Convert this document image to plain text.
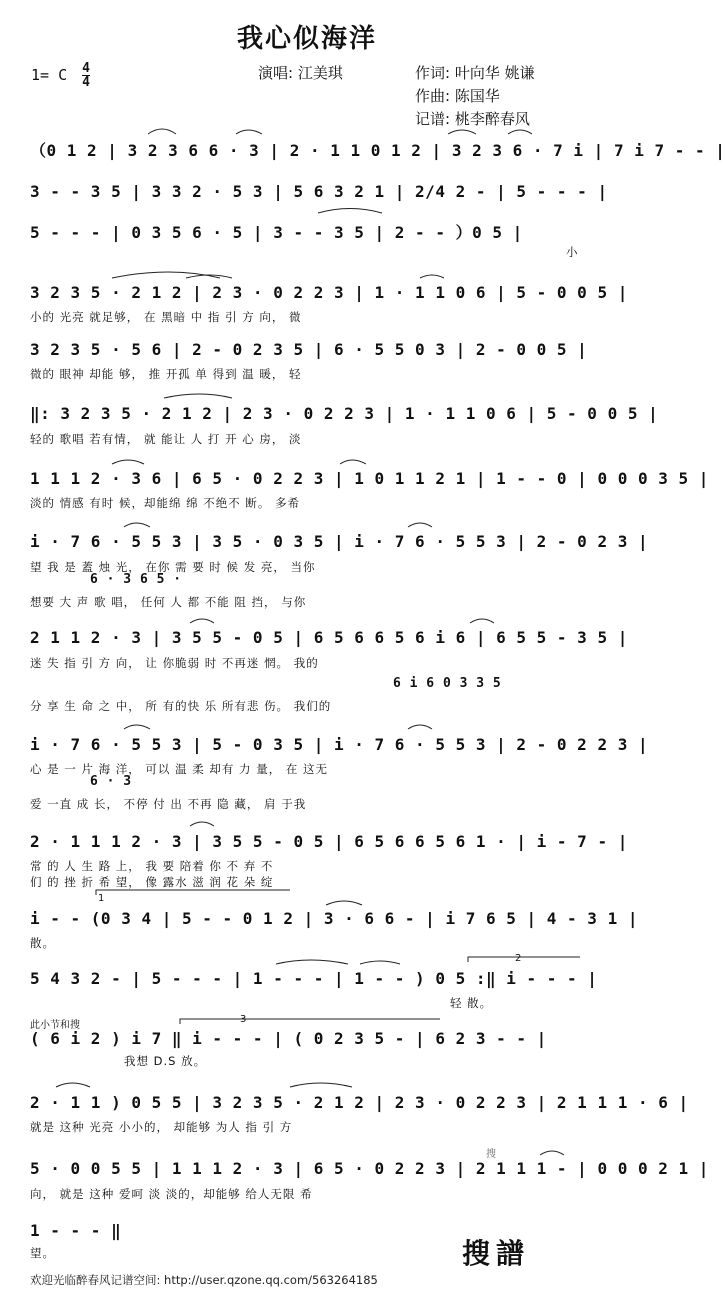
我心似海洋
1= C $\frac{4}{4}$	演唱: 江美琪	作词: 叶向华 姚谦
作曲: 陈国华
记谱: 桃李醉春风
（0 1 2 | 3 2 3 6 6 · 3 | 2 · 1 1 0 1 2 | 3 2 3 6 · 7 i | 7 i 7 - - |
3 - - 3 5 | 3 3 2 · 5 3 | 5 6 3 2 1 | 2/4 2 - | 5 - - - |
5 - - - | 0 3 5 6 · 5 | 3 - - 3 5 | 2 - - ）0 5 |
小
3 2 3 5 · 2 1 2 | 2 3 · 0 2 2 3 | 1 · 1 1 0 6 | 5 - 0 0 5 |
小的 光亮 就足够， 在 黑暗 中 指 引 方 向， 微
3 2 3 5 · 5 6 | 2 - 0 2 3 5 | 6 · 5 5 0 3 | 2 - 0 0 5 |
微的 眼神 却能 够， 推 开孤 单 得到 温 暖， 轻
‖: 3 2 3 5 · 2 1 2 | 2 3 · 0 2 2 3 | 1 · 1 1 0 6 | 5 - 0 0 5 |
轻的 歌唱 若有情， 就 能让 人 打 开 心 房， 淡
1 1 1 2 · 3 6 | 6 5 · 0 2 2 3 | 1 0 1 1 2 1 | 1 - - 0 | 0 0 0 3 5 |
淡的 情感 有时 候，却能绵 绵 不绝不 断。 多希
i · 7 6 · 5 5 3 | 3 5 · 0 3 5 | i · 7 6 · 5 5 3 | 2 - 0 2 3 |
望 我 是 蓋 烛 光， 在你 需 要 时 候 发 亮， 当你
6 · 3 6 5 ·
想要 大 声 歌 唱， 任何 人 都 不能 阻 挡， 与你
2 1 1 2 · 3 | 3 5 5 - 0 5 | 6 5 6 6 5 6 i 6 | 6 5 5 - 3 5 |
迷 失 指 引 方 向， 让 你脆弱 时 不再迷 惘。 我的
6 i 6 0 3 3 5
分 享 生 命 之 中， 所 有的快 乐 所有悲 伤。 我们的
i · 7 6 · 5 5 3 | 5 - 0 3 5 | i · 7 6 · 5 5 3 | 2 - 0 2 2 3 |
心 是 一 片 海 洋， 可以 温 柔 却有 力 量， 在 这无
6 · 3
爱 一直 成 长， 不停 付 出 不再 隐 藏， 肩 于我
2 · 1 1 1 2 · 3 | 3 5 5 - 0 5 | 6 5 6 6 5 6 1 · | i - 7 - |
常 的 人 生 路 上， 我 要 陪着 你 不 弃 不
们 的 挫 折 希 望， 像 露水 滋 润 花 朵 绽
1
i - - (0 3 4 | 5 - - 0 1 2 | 3 · 6 6 - | i 7 6 5 | 4 - 3 1 |
散。
2
5 4 3 2 - | 5 - - - | 1 - - - | 1 - - ) 0 5 :‖ i - - - |
轻 散。
此小节和搜
3
( 6 i 2 ) i 7 ‖ i - - - | ( 0 2 3 5 - | 6 2 3 - - |
我想 D.S 放。
2 · 1 1 ) 0 5 5 | 3 2 3 5 · 2 1 2 | 2 3 · 0 2 2 3 | 2 1 1 1 · 6 |
就是 这种 光亮 小小的， 却能够 为人 指 引 方
搜
5 · 0 0 5 5 | 1 1 1 2 · 3 | 6 5 · 0 2 2 3 | 2 1 1 1 - | 0 0 0 2 1 |
向， 就是 这种 爱呵 淡 淡的，却能够 给人无限 希
1 - - - ‖
望。	搜譜
欢迎光临醉春风记谱空间: http://user.qzone.qq.com/563264185
